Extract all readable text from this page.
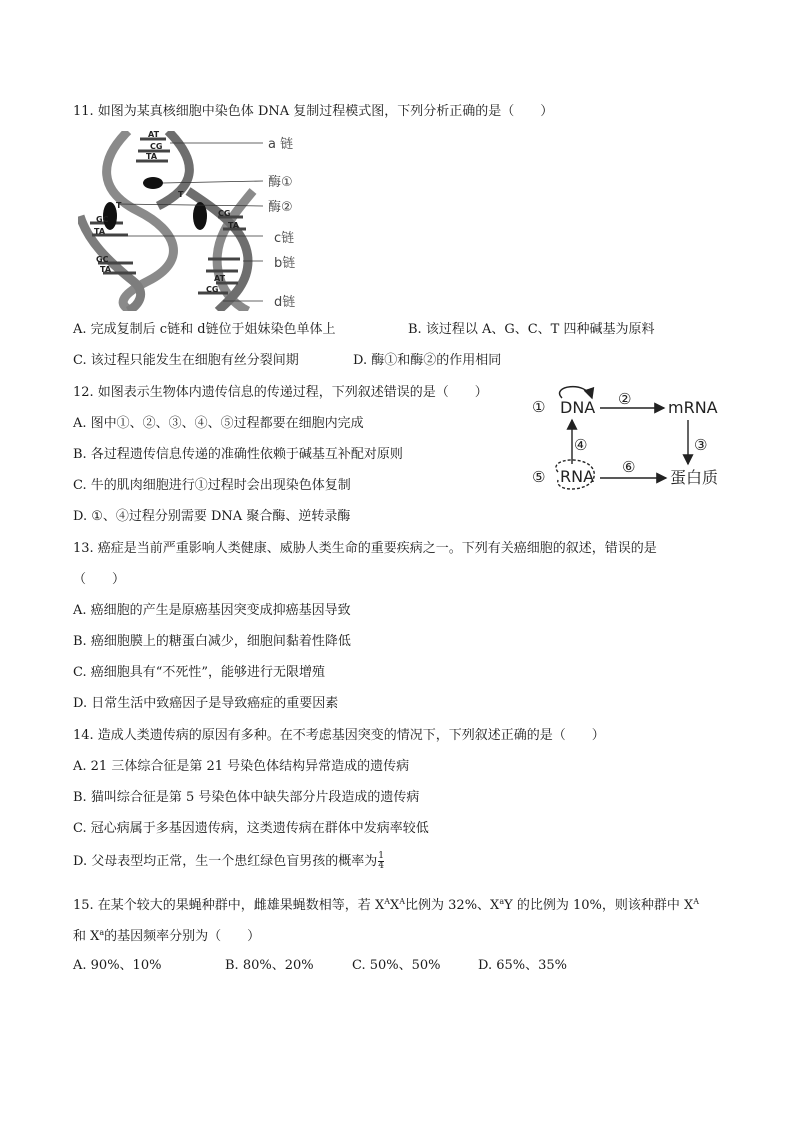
11. 如图为某真核细胞中染色体 DNA 复制过程模式图，下列分析正确的是（　　）
AT
CG
TA
T
T
GC
TA
CG
TA
GC
TA
AT
CG
a 链
酶①
酶②
c链
b链
d链
A. 完成复制后 c链和 d链位于姐妹染色单体上	B. 该过程以 A、G、C、T 四种碱基为原料
C. 该过程只能发生在细胞有丝分裂间期	D. 酶①和酶②的作用相同
12. 如图表示生物体内遗传信息的传递过程，下列叙述错误的是（　　）
A. 图中①、②、③、④、⑤过程都要在细胞内完成
B. 各过程遗传信息传递的准确性依赖于碱基互补配对原则
C. 牛的肌肉细胞进行①过程时会出现染色体复制
D. ①、④过程分别需要 DNA 聚合酶、逆转录酶
① DNA ② mRNA
③
④
⑤ RNA ⑥
蛋白质
13. 癌症是当前严重影响人类健康、威胁人类生命的重要疾病之一。下列有关癌细胞的叙述，错误的是
（　　）
A. 癌细胞的产生是原癌基因突变成抑癌基因导致
B. 癌细胞膜上的糖蛋白减少，细胞间黏着性降低
C. 癌细胞具有“不死性”，能够进行无限增殖
D. 日常生活中致癌因子是导致癌症的重要因素
14. 造成人类遗传病的原因有多种。在不考虑基因突变的情况下，下列叙述正确的是（　　）
A. 21 三体综合征是第 21 号染色体结构异常造成的遗传病
B. 猫叫综合征是第 5 号染色体中缺失部分片段造成的遗传病
C. 冠心病属于多基因遗传病，这类遗传病在群体中发病率较低
D. 父母表型均正常，生一个患红绿色盲男孩的概率为 $\frac{1}{4}$
15. 在某个较大的果蝇种群中，雌雄果蝇数相等，若 $X^AX^A$比例为 32%、$X^aY$ 的比例为 10%，则该种群中 $X^A$
和 $X^a$的基因频率分别为（　　）
A. 90%、10%	B. 80%、20%	C. 50%、50%	D. 65%、35%
